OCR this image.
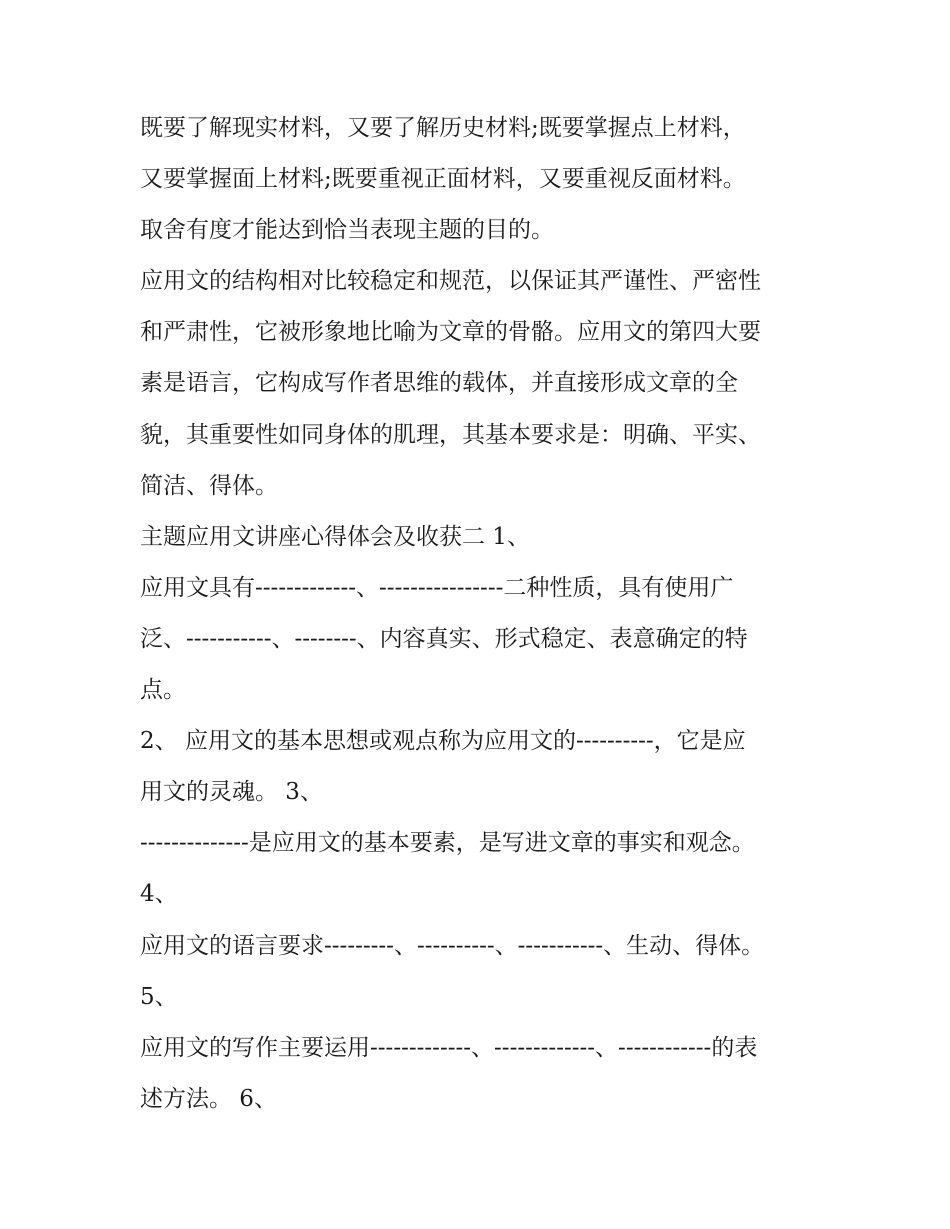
既要了解现实材料，又要了解历史材料;既要掌握点上材料，
又要掌握面上材料;既要重视正面材料，又要重视反面材料。
取舍有度才能达到恰当表现主题的目的。
应用文的结构相对比较稳定和规范，以保证其严谨性、严密性
和严肃性，它被形象地比喻为文章的骨骼。应用文的第四大要
素是语言，它构成写作者思维的载体，并直接形成文章的全
貌，其重要性如同身体的肌理，其基本要求是：明确、平实、
简洁、得体。
主题应用文讲座心得体会及收获二 1、
应用文具有-------------、----------------二种性质，具有使用广
泛、-----------、--------、内容真实、形式稳定、表意确定的特
点。
2、 应用文的基本思想或观点称为应用文的----------，它是应
用文的灵魂。 3、
--------------是应用文的基本要素，是写进文章的事实和观念。
4、
应用文的语言要求---------、----------、-----------、生动、得体。
5、
应用文的写作主要运用-------------、-------------、------------的表
述方法。 6、
